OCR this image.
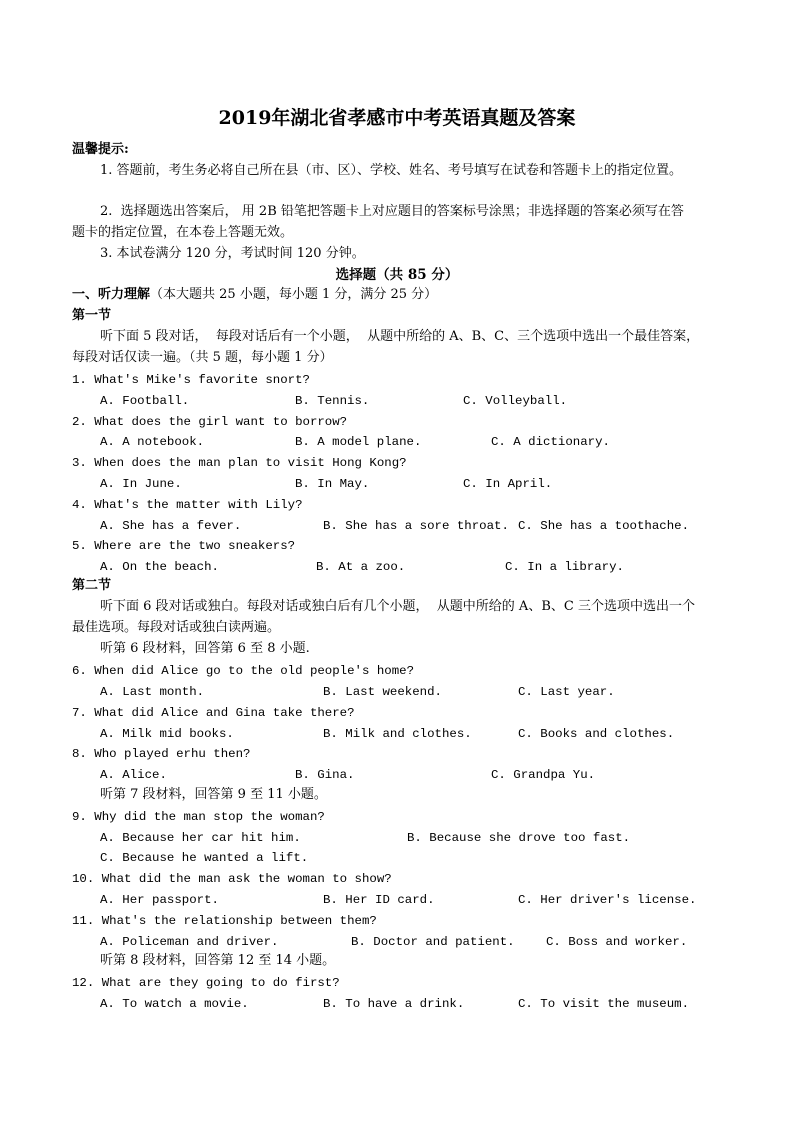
2019年湖北省孝感市中考英语真题及答案
温馨提示:
1. 答题前，考生务必将自己所在县（市、区）、学校、姓名、考号填写在试卷和答题卡上的指定位置。
2.  选择题选出答案后， 用 2B 铅笔把答题卡上对应题目的答案标号涂黑；非选择题的答案必须写在答
题卡的指定位置，在本卷上答题无效。
3. 本试卷满分 120 分，考试时间 120 分钟。
选择题（共 85 分）
一、听力理解（本大题共 25 小题，每小题 1 分，满分 25 分）
第一节
听下面 5 段对话，  每段对话后有一个小题，  从题中所给的 A、B、C、三个选项中选出一个最佳答案，
每段对话仅读一遍。（共 5 题，每小题 1 分）
1. What's Mike's favorite snort?
A. Football.	B. Tennis.	C. Volleyball.
2. What does the girl want to borrow?
A. A notebook.	B. A model plane.	C. A dictionary.
3. When does the man plan to visit Hong Kong?
A. In June.	B. In May.	C. In April.
4. What's the matter with Lily?
A. She has a fever.	B. She has a sore throat. C. She has a toothache.
5. Where are the two sneakers?
A. On the beach.	B. At a zoo.	C. In a library.
第二节
听下面 6 段对话或独白。每段对话或独白后有几个小题，  从题中所给的 A、B、C 三个选项中选出一个
最佳选项。每段对话或独白读两遍。
听第 6 段材料，回答第 6 至 8 小题.
6. When did Alice go to the old people's home?
A. Last month.	B. Last weekend.	C. Last year.
7. What did Alice and Gina take there?
A. Milk mid books.	B. Milk and clothes.	C. Books and clothes.
8. Who played erhu then?
A. Alice.	B. Gina.	C. Grandpa Yu.
听第 7 段材料，回答第 9 至 11 小题。
9. Why did the man stop the woman?
A. Because her car hit him.	B. Because she drove too fast.
C. Because he wanted a lift.
10. What did the man ask the woman to show?
A. Her passport.	B. Her ID card.	C. Her driver's license.
11. What's the relationship between them?
A. Policeman and driver.	B. Doctor and patient.	C. Boss and worker.
听第 8 段材料，回答第 12 至 14 小题。
12. What are they going to do first?
A. To watch a movie.	B. To have a drink.	C. To visit the museum.
